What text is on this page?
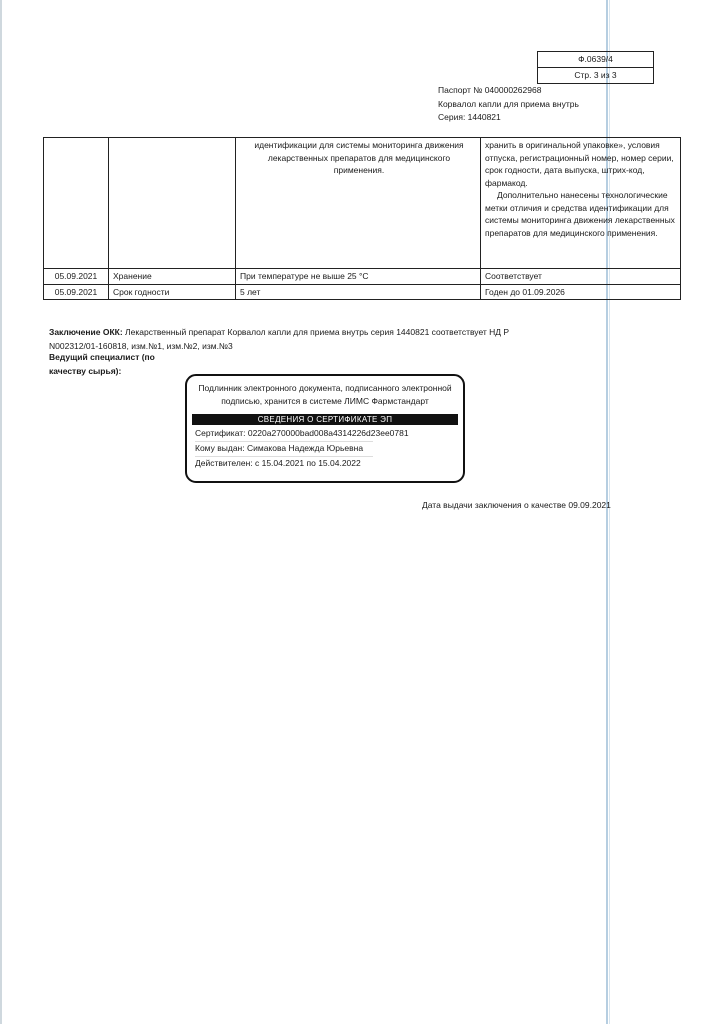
Ф.0639/4
Стр. 3 из 3
Паспорт № 040000262968
Корвалол капли для приема внутрь
Серия: 1440821
		идентификации для системы мониторинга движения лекарственных препаратов для медицинского применения.	хранить в оригинальной упаковке», условия отпуска, регистрационный номер, номер серии, срок годности, дата выпуска, штрих-код, фармакод.
Дополнительно нанесены технологические метки отличия и средства идентификации для системы мониторинга движения лекарственных препаратов для медицинского применения.

05.09.2021	Хранение	При температуре не выше 25 °С	Соответствует
05.09.2021	Срок годности	5 лет	Годен до 01.09.2026
Заключение ОКК: Лекарственный препарат Корвалол капли для приема внутрь серия 1440821 соответствует НД Р N002312/01-160818, изм.№1, изм.№2, изм.№3
Ведущий специалист (по качеству сырья):
Подлинник электронного документа, подписанного электронной подписью, хранится в системе ЛИМС Фармстандарт
СВЕДЕНИЯ О СЕРТИФИКАТЕ ЭП
Сертификат: 0220a270000bad008a4314226d23ee0781
Кому выдан: Симакова Надежда Юрьевна
Действителен: с 15.04.2021 по 15.04.2022
Дата выдачи заключения о качестве 09.09.2021
